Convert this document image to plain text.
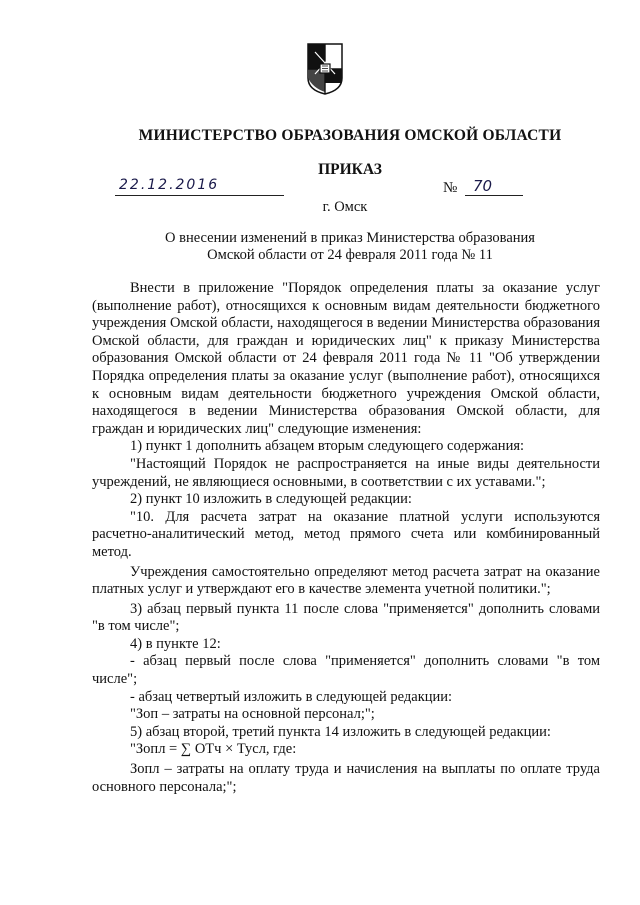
МИНИСТЕРСТВО ОБРАЗОВАНИЯ ОМСКОЙ ОБЛАСТИ
ПРИКАЗ
22.12.2016	№	70
г. Омск
О внесении изменений в приказ Министерства образования
Омской области от 24 февраля 2011 года № 11

Внести в приложение "Порядок определения платы за оказание услуг (выполнение работ), относящихся к основным видам деятельности бюджетного учреждения Омской области, находящегося в ведении Министерства образования Омской области, для граждан и юридических лиц" к приказу Министерства образования Омской области от 24 февраля 2011 года № 11 "Об утверждении Порядка определения платы за оказание услуг (выполнение работ), относящихся к основным видам деятельности бюджетного учреждения Омской области, находящегося в ведении Министерства образования Омской области, для граждан и юридических лиц" следующие изменения:

1) пункт 1 дополнить абзацем вторым следующего содержания:

"Настоящий Порядок не распространяется на иные виды деятельности учреждений, не являющиеся основными, в соответствии с их уставами.";

2) пункт 10 изложить в следующей редакции:

"10. Для расчета затрат на оказание платной услуги используются расчетно-аналитический метод, метод прямого счета или комбинированный метод.

Учреждения самостоятельно определяют метод расчета затрат на оказание платных услуг и утверждают его в качестве элемента учетной политики.";

3) абзац первый пункта 11 после слова "применяется" дополнить словами "в том числе";

4) в пункте 12:

- абзац первый после слова "применяется" дополнить словами "в том числе";

- абзац четвертый изложить в следующей редакции:

"Зоп – затраты на основной персонал;";

5) абзац второй, третий пункта 14 изложить в следующей редакции:

"Зопл = ∑ ОТч × Тусл, где:

Зопл – затраты на оплату труда и начисления на выплаты по оплате труда основного персонала;";
